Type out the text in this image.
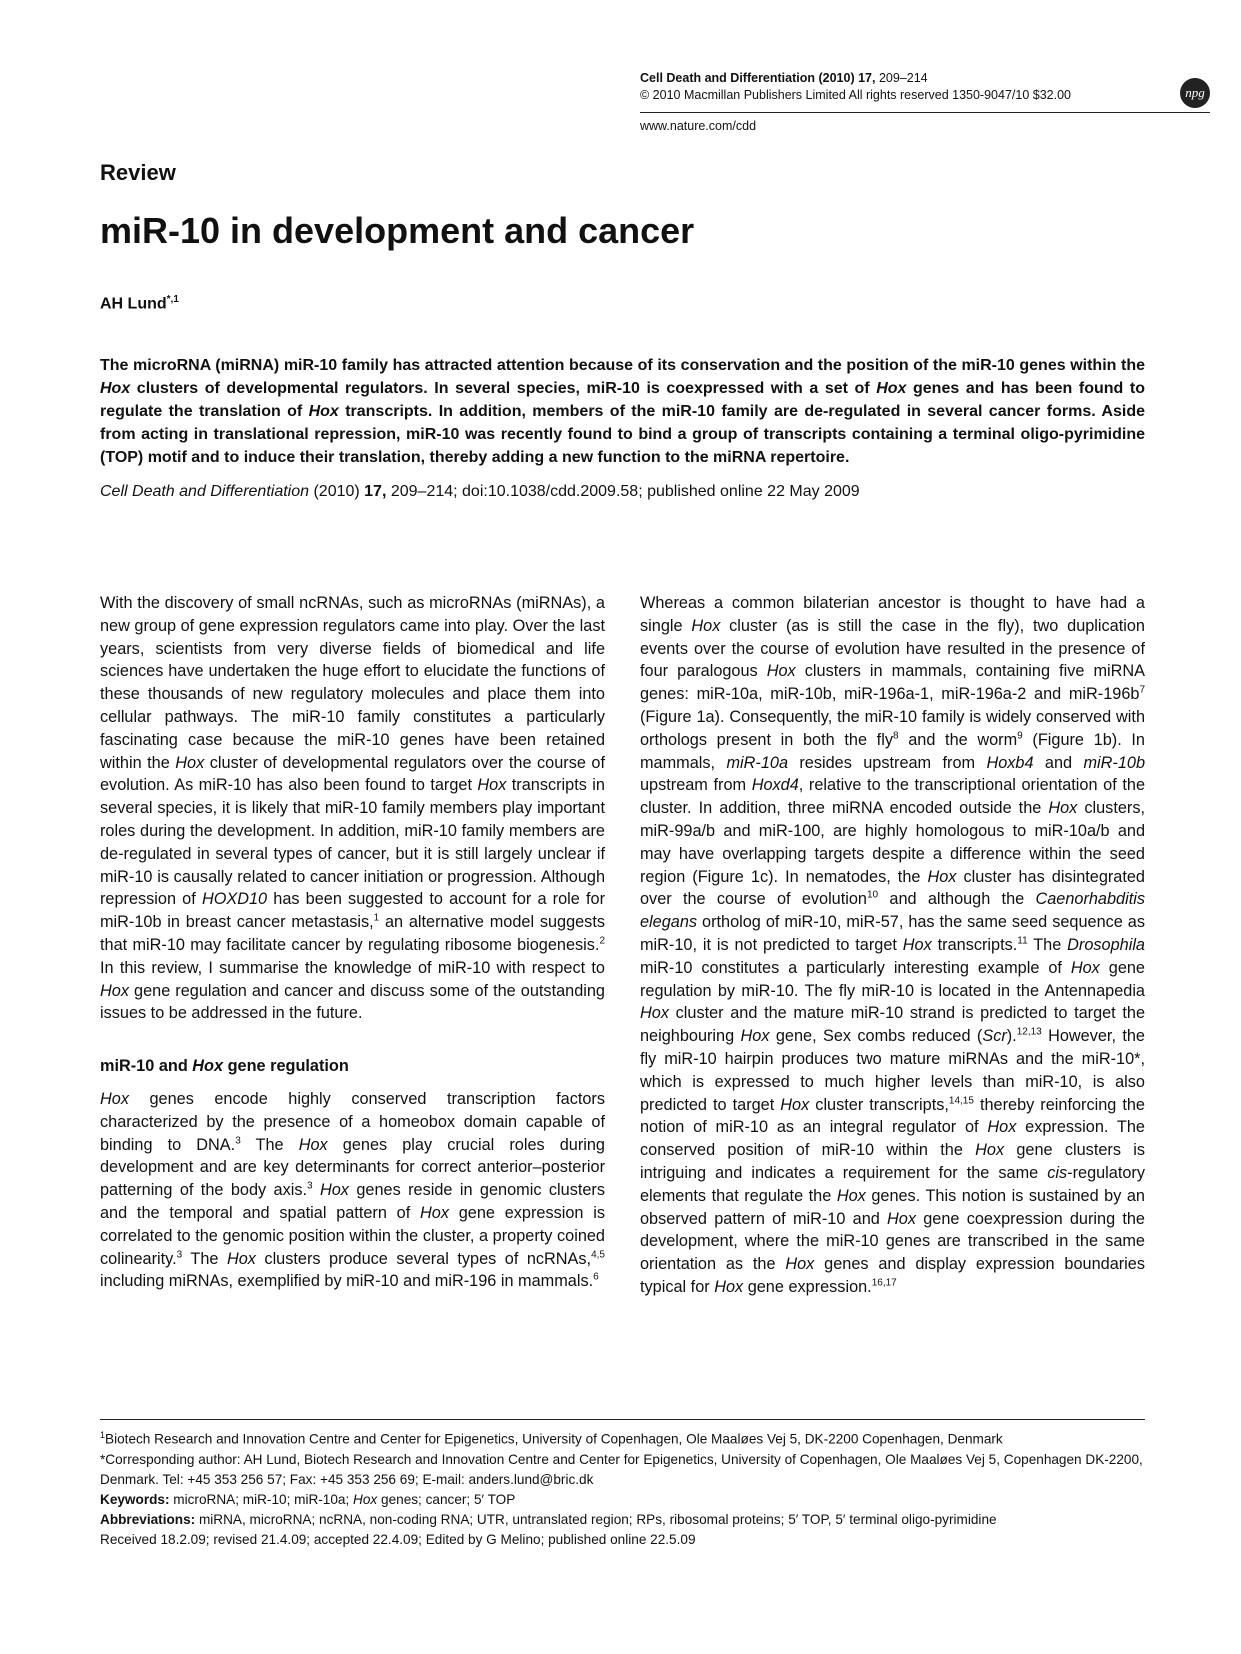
Cell Death and Differentiation (2010) 17, 209–214
© 2010 Macmillan Publishers Limited All rights reserved 1350-9047/10 $32.00
www.nature.com/cdd
npg
Review
miR-10 in development and cancer
AH Lund$^{*,1}$
The microRNA (miRNA) miR-10 family has attracted attention because of its conservation and the position of the miR-10 genes within the Hox clusters of developmental regulators. In several species, miR-10 is coexpressed with a set of Hox genes and has been found to regulate the translation of Hox transcripts. In addition, members of the miR-10 family are de-regulated in several cancer forms. Aside from acting in translational repression, miR-10 was recently found to bind a group of transcripts containing a terminal oligo-pyrimidine (TOP) motif and to induce their translation, thereby adding a new function to the miRNA repertoire.
Cell Death and Differentiation (2010) 17, 209–214; doi:10.1038/cdd.2009.58; published online 22 May 2009

With the discovery of small ncRNAs, such as microRNAs (miRNAs), a new group of gene expression regulators came into play. Over the last years, scientists from very diverse fields of biomedical and life sciences have undertaken the huge effort to elucidate the functions of these thousands of new regulatory molecules and place them into cellular pathways. The miR-10 family constitutes a particularly fascinating case because the miR-10 genes have been retained within the Hox cluster of developmental regulators over the course of evolution. As miR-10 has also been found to target Hox transcripts in several species, it is likely that miR-10 family members play important roles during the development. In addition, miR-10 family members are de-regulated in several types of cancer, but it is still largely unclear if miR-10 is causally related to cancer initiation or progression. Although repression of HOXD10 has been suggested to account for a role for miR-10b in breast cancer metastasis,$^1$ an alternative model suggests that miR-10 may facilitate cancer by regulating ribosome biogenesis.$^2$ In this review, I summarise the knowledge of miR-10 with respect to Hox gene regulation and cancer and discuss some of the outstanding issues to be addressed in the future.

miR-10 and Hox gene regulation

Hox genes encode highly conserved transcription factors characterized by the presence of a homeobox domain capable of binding to DNA.$^3$ The Hox genes play crucial roles during development and are key determinants for correct anterior–posterior patterning of the body axis.$^3$ Hox genes reside in genomic clusters and the temporal and spatial pattern of Hox gene expression is correlated to the genomic position within the cluster, a property coined colinearity.$^3$ The Hox clusters produce several types of ncRNAs,$^{4,5}$ including miRNAs, exemplified by miR-10 and miR-196 in mammals.$^6$

Whereas a common bilaterian ancestor is thought to have had a single Hox cluster (as is still the case in the fly), two duplication events over the course of evolution have resulted in the presence of four paralogous Hox clusters in mammals, containing five miRNA genes: miR-10a, miR-10b, miR-196a-1, miR-196a-2 and miR-$196b^7$ (Figure 1a). Consequently, the miR-10 family is widely conserved with orthologs present in both the fly$^8$ and the worm$^9$ (Figure 1b). In mammals, miR-10a resides upstream from Hoxb4 and miR-10b upstream from Hoxd4, relative to the transcriptional orientation of the cluster. In addition, three miRNA encoded outside the Hox clusters, miR-99a/b and miR-100, are highly homologous to miR-10a/b and may have overlapping targets despite a difference within the seed region (Figure 1c). In nematodes, the Hox cluster has disintegrated over the course of evolution$^{10}$ and although the Caenorhabditis elegans ortholog of miR-10, miR-57, has the same seed sequence as miR-10, it is not predicted to target Hox transcripts.$^{11}$ The Drosophila miR-10 constitutes a particularly interesting example of Hox gene regulation by miR-10. The fly miR-10 is located in the Antennapedia Hox cluster and the mature miR-10 strand is predicted to target the neighbouring Hox gene, Sex combs reduced (Scr).$^{12,13}$ However, the fly miR-10 hairpin produces two mature miRNAs and the miR-10*, which is expressed to much higher levels than miR-10, is also predicted to target Hox cluster transcripts,$^{14,15}$ thereby reinforcing the notion of miR-10 as an integral regulator of Hox expression. The conserved position of miR-10 within the Hox gene clusters is intriguing and indicates a requirement for the same cis-regulatory elements that regulate the Hox genes. This notion is sustained by an observed pattern of miR-10 and Hox gene coexpression during the development, where the miR-10 genes are transcribed in the same orientation as the Hox genes and display expression boundaries typical for Hox gene expression.$^{16,17}$

$^1$Biotech Research and Innovation Centre and Center for Epigenetics, University of Copenhagen, Ole Maaløes Vej 5, DK-2200 Copenhagen, Denmark

*Corresponding author: AH Lund, Biotech Research and Innovation Centre and Center for Epigenetics, University of Copenhagen, Ole Maaløes Vej 5, Copenhagen DK-2200, Denmark. Tel: +45 353 256 57; Fax: +45 353 256 69; E-mail: anders.lund@bric.dk

Keywords: microRNA; miR-10; miR-10a; Hox genes; cancer; 5′ TOP

Abbreviations: miRNA, microRNA; ncRNA, non-coding RNA; UTR, untranslated region; RPs, ribosomal proteins; 5′ TOP, 5′ terminal oligo-pyrimidine

Received 18.2.09; revised 21.4.09; accepted 22.4.09; Edited by G Melino; published online 22.5.09
